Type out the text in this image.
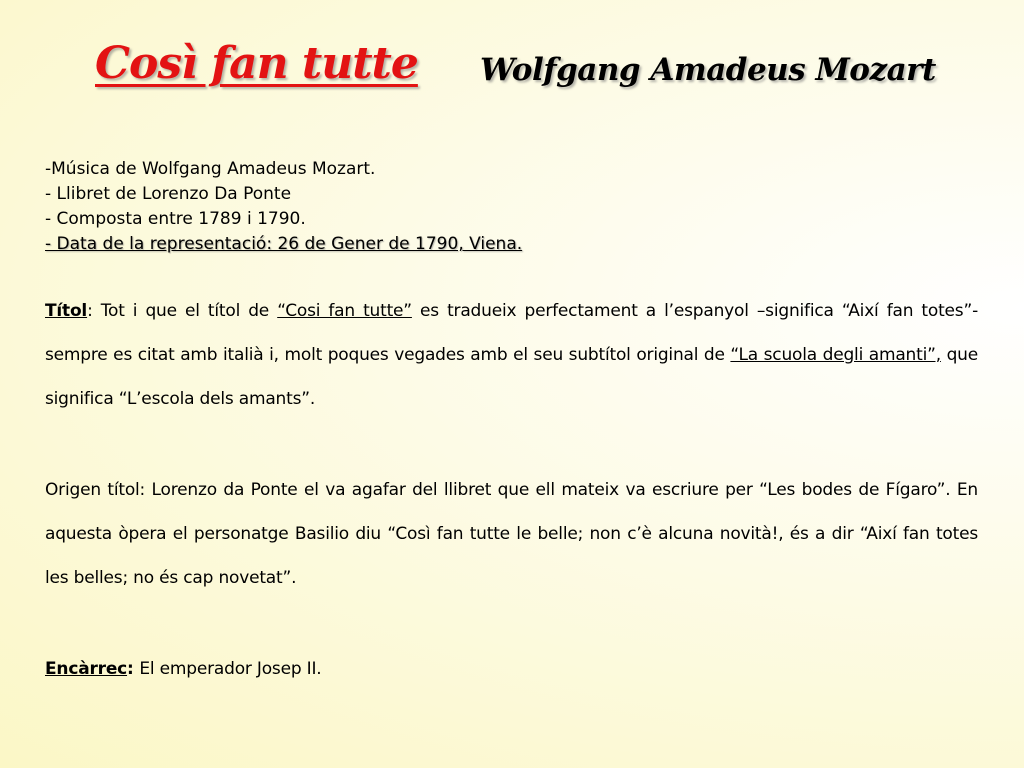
Così fan tutte Wolfgang Amadeus Mozart
-Música de Wolfgang Amadeus Mozart.
- Llibret de Lorenzo Da Ponte
- Composta entre 1789 i 1790.
- Data de la representació: 26 de Gener de 1790, Viena.
Títol: Tot i que el títol de “Cosi fan tutte” es tradueix perfectament a l’espanyol –significa “Així fan totes”- sempre es citat amb italià i, molt poques vegades amb el seu subtítol original de “La scuola degli amanti”, que significa “L’escola dels amants”.
Origen títol: Lorenzo da Ponte el va agafar del llibret que ell mateix va escriure per “Les bodes de Fígaro”. En aquesta òpera el personatge Basilio diu “Così fan tutte le belle; non c’è alcuna novità!, és a dir “Així fan totes les belles; no és cap novetat”.
Encàrrec: El emperador Josep II.
